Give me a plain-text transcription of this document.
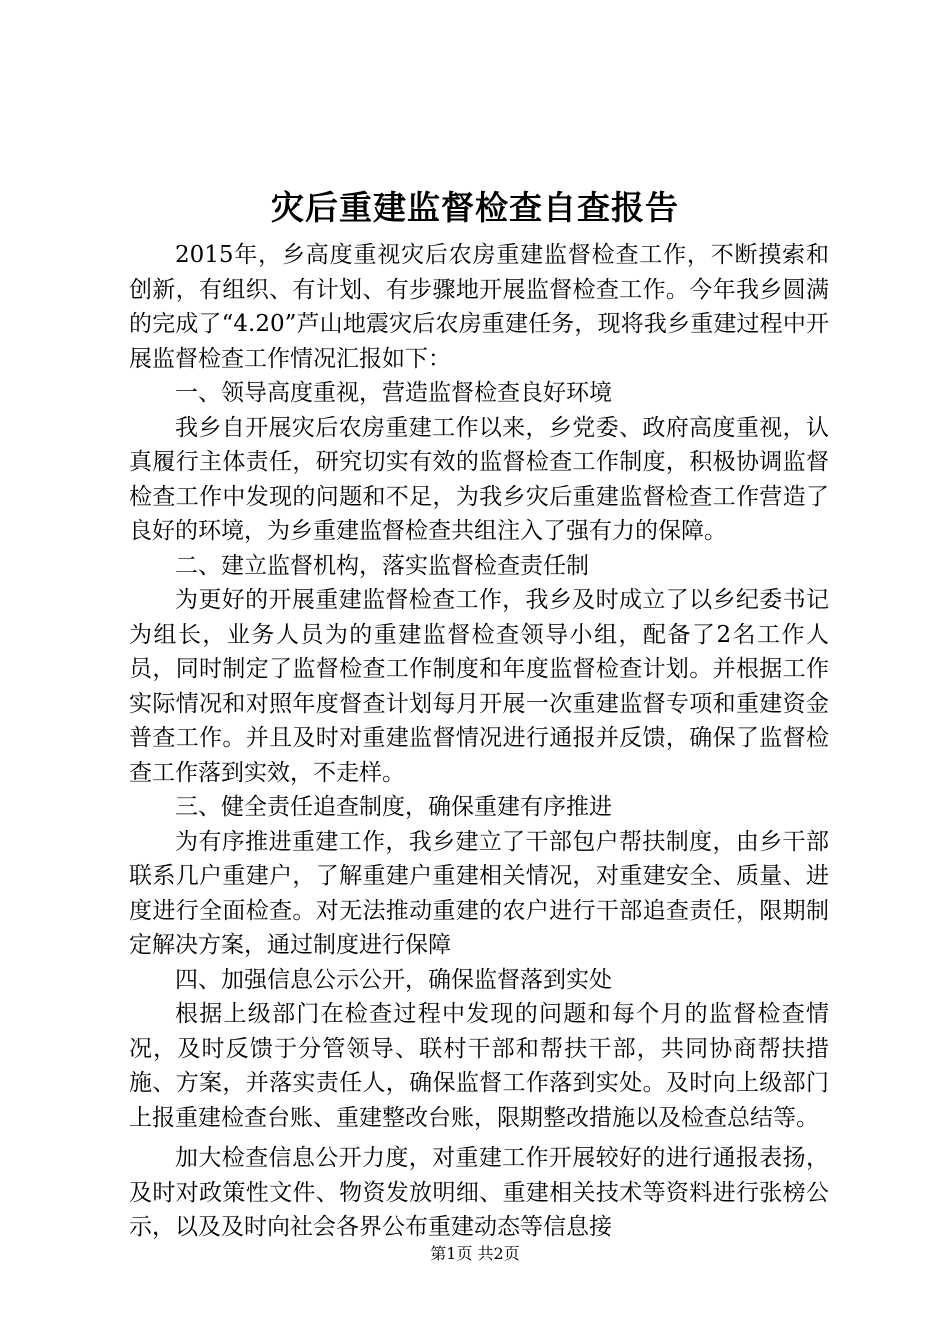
灾后重建监督检查自查报告

2015年，乡高度重视灾后农房重建监督检查工作，不断摸索和创新，有组织、有计划、有步骤地开展监督检查工作。今年我乡圆满的完成了“4.20”芦山地震灾后农房重建任务，现将我乡重建过程中开展监督检查工作情况汇报如下：

一、领导高度重视，营造监督检查良好环境

我乡自开展灾后农房重建工作以来，乡党委、政府高度重视，认真履行主体责任，研究切实有效的监督检查工作制度，积极协调监督检查工作中发现的问题和不足，为我乡灾后重建监督检查工作营造了良好的环境，为乡重建监督检查共组注入了强有力的保障。

二、建立监督机构，落实监督检查责任制

为更好的开展重建监督检查工作，我乡及时成立了以乡纪委书记为组长，业务人员为的重建监督检查领导小组，配备了2名工作人员，同时制定了监督检查工作制度和年度监督检查计划。并根据工作实际情况和对照年度督查计划每月开展一次重建监督专项和重建资金普查工作。并且及时对重建监督情况进行通报并反馈，确保了监督检查工作落到实效，不走样。

三、健全责任追查制度，确保重建有序推进

为有序推进重建工作，我乡建立了干部包户帮扶制度，由乡干部联系几户重建户，了解重建户重建相关情况，对重建安全、质量、进度进行全面检查。对无法推动重建的农户进行干部追查责任，限期制定解决方案，通过制度进行保障

四、加强信息公示公开，确保监督落到实处

根据上级部门在检查过程中发现的问题和每个月的监督检查情况，及时反馈于分管领导、联村干部和帮扶干部，共同协商帮扶措施、方案，并落实责任人，确保监督工作落到实处。及时向上级部门上报重建检查台账、重建整改台账，限期整改措施以及检查总结等。

加大检查信息公开力度，对重建工作开展较好的进行通报表扬，及时对政策性文件、物资发放明细、重建相关技术等资料进行张榜公示，以及及时向社会各界公布重建动态等信息接

第1页 共2页
